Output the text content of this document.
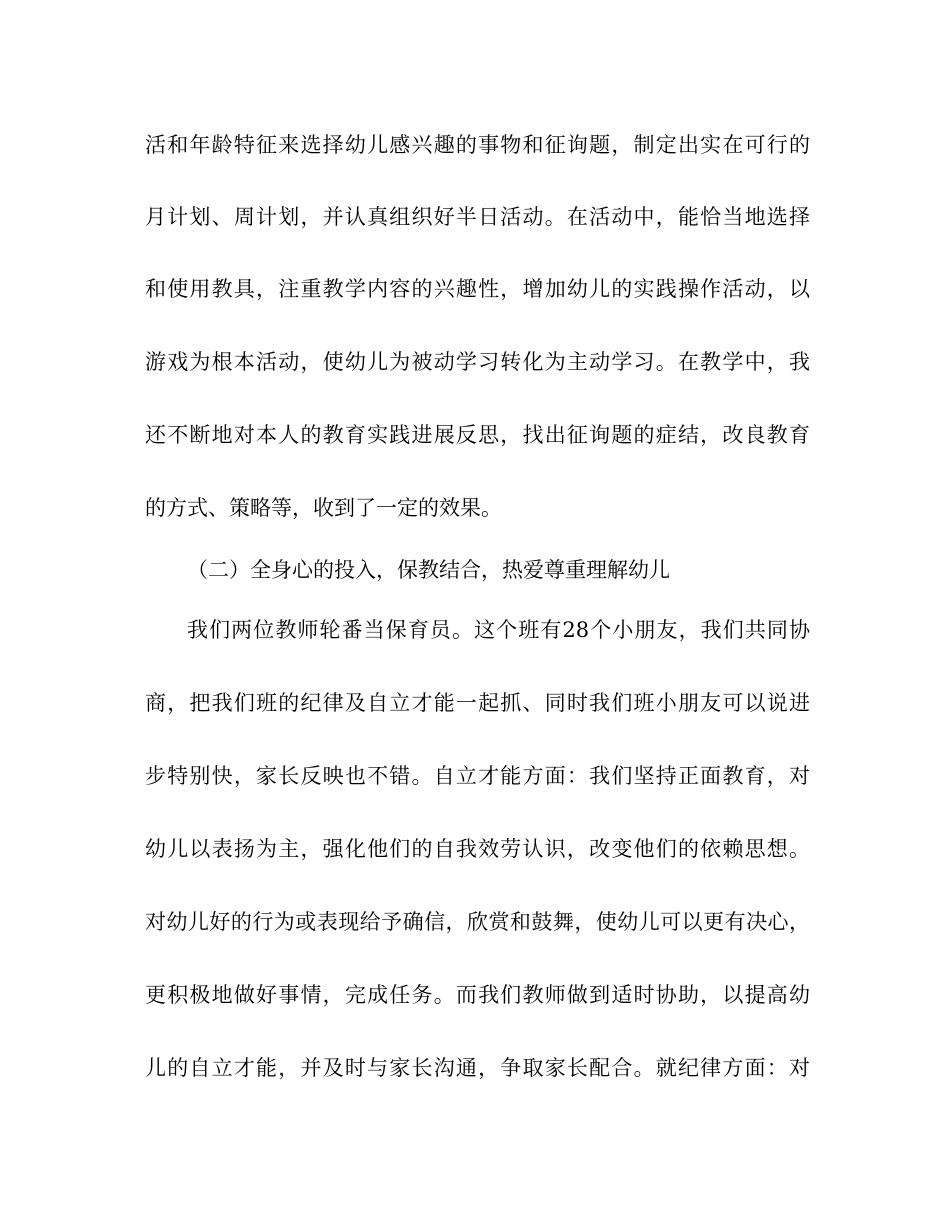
活和年龄特征来选择幼儿感兴趣的事物和征询题，制定出实在可行的
月计划、周计划，并认真组织好半日活动。在活动中，能恰当地选择
和使用教具，注重教学内容的兴趣性，增加幼儿的实践操作活动，以
游戏为根本活动，使幼儿为被动学习转化为主动学习。在教学中，我
还不断地对本人的教育实践进展反思，找出征询题的症结，改良教育
的方式、策略等，收到了一定的效果。
（二）全身心的投入，保教结合，热爱尊重理解幼儿
我们两位教师轮番当保育员。这个班有28个小朋友，我们共同协
商，把我们班的纪律及自立才能一起抓、同时我们班小朋友可以说进
步特别快，家长反映也不错。自立才能方面：我们坚持正面教育，对
幼儿以表扬为主，强化他们的自我效劳认识，改变他们的依赖思想。
对幼儿好的行为或表现给予确信，欣赏和鼓舞，使幼儿可以更有决心，
更积极地做好事情，完成任务。而我们教师做到适时协助，以提高幼
儿的自立才能，并及时与家长沟通，争取家长配合。就纪律方面：对
